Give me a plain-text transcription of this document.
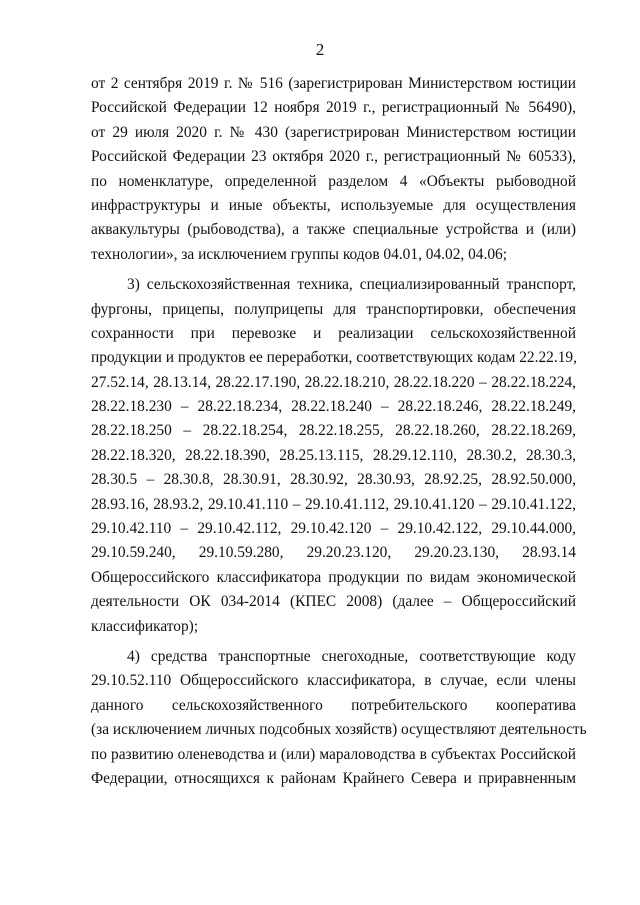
2
от 2 сентября 2019 г. № 516 (зарегистрирован Министерством юстиции
Российской Федерации 12 ноября 2019 г., регистрационный № 56490),
от 29 июля 2020 г. № 430 (зарегистрирован Министерством юстиции
Российской Федерации 23 октября 2020 г., регистрационный № 60533),
по номенклатуре, определенной разделом 4 «Объекты рыбоводной
инфраструктуры и иные объекты, используемые для осуществления
аквакультуры (рыбоводства), а также специальные устройства и (или)
технологии», за исключением группы кодов 04.01, 04.02, 04.06;
3) сельскохозяйственная техника, специализированный транспорт,
фургоны, прицепы, полуприцепы для транспортировки, обеспечения
сохранности при перевозке и реализации сельскохозяйственной
продукции и продуктов ее переработки, соответствующих кодам 22.22.19,
27.52.14, 28.13.14, 28.22.17.190, 28.22.18.210, 28.22.18.220 – 28.22.18.224,
28.22.18.230 – 28.22.18.234, 28.22.18.240 – 28.22.18.246, 28.22.18.249,
28.22.18.250 – 28.22.18.254, 28.22.18.255, 28.22.18.260, 28.22.18.269,
28.22.18.320, 28.22.18.390, 28.25.13.115, 28.29.12.110, 28.30.2, 28.30.3,
28.30.5 – 28.30.8, 28.30.91, 28.30.92, 28.30.93, 28.92.25, 28.92.50.000,
28.93.16, 28.93.2, 29.10.41.110 – 29.10.41.112, 29.10.41.120 – 29.10.41.122,
29.10.42.110 – 29.10.42.112, 29.10.42.120 – 29.10.42.122, 29.10.44.000,
29.10.59.240, 29.10.59.280, 29.20.23.120, 29.20.23.130, 28.93.14
Общероссийского классификатора продукции по видам экономической
деятельности ОК 034-2014 (КПЕС 2008) (далее – Общероссийский
классификатор);
4) средства транспортные снегоходные, соответствующие коду
29.10.52.110 Общероссийского классификатора, в случае, если члены
данного сельскохозяйственного потребительского кооператива
(за исключением личных подсобных хозяйств) осуществляют деятельность
по развитию оленеводства и (или) мараловодства в субъектах Российской
Федерации, относящихся к районам Крайнего Севера и приравненным
